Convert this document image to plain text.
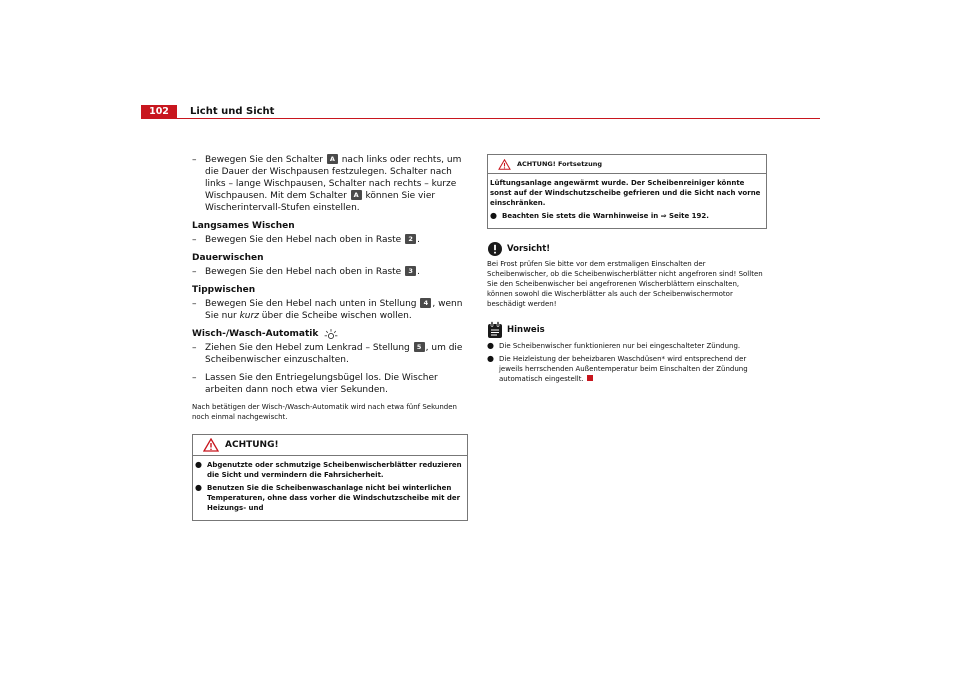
102	Licht und Sicht
– Bewegen Sie den Schalter A nach links oder rechts, um die Dauer der Wischpausen festzulegen. Schalter nach links – lange Wischpausen, Schalter nach rechts – kurze Wischpausen. Mit dem Schalter A können Sie vier Wischerintervall-Stufen einstellen.
Langsames Wischen
– Bewegen Sie den Hebel nach oben in Raste 2 .
Dauerwischen
– Bewegen Sie den Hebel nach oben in Raste 3 .
Tippwischen
– Bewegen Sie den Hebel nach unten in Stellung 4 , wenn Sie nur kurz über die Scheibe wischen wollen.
Wisch-/Wasch-Automatik
– Ziehen Sie den Hebel zum Lenkrad – Stellung 5 , um die Scheibenwischer einzuschalten.
– Lassen Sie den Entriegelungsbügel los. Die Wischer arbeiten dann noch etwa vier Sekunden.

Nach betätigen der Wisch-/Wasch-Automatik wird nach etwa fünf Sekunden noch einmal nachgewischt.

ACHTUNG!
● Abgenutzte oder schmutzige Scheibenwischerblätter reduzieren die Sicht und vermindern die Fahrsicherheit.
● Benutzen Sie die Scheibenwaschanlage nicht bei winterlichen Temperaturen, ohne dass vorher die Windschutzscheibe mit der Heizungs- und
ACHTUNG! Fortsetzung

Lüftungsanlage angewärmt wurde. Der Scheibenreiniger könnte sonst auf der Windschutzscheibe gefrieren und die Sicht nach vorne einschränken.

● Beachten Sie stets die Warnhinweise in ⇒ Seite 192.
Vorsicht!

Bei Frost prüfen Sie bitte vor dem erstmaligen Einschalten der Scheibenwischer, ob die Scheibenwischerblätter nicht angefroren sind! Sollten Sie den Scheibenwischer bei angefrorenen Wischerblättern einschalten, können sowohl die Wischerblätter als auch der Scheibenwischermotor beschädigt werden!

Hinweis
● Die Scheibenwischer funktionieren nur bei eingeschalteter Zündung.
● Die Heizleistung der beheizbaren Waschdüsen* wird entsprechend der jeweils herrschenden Außentemperatur beim Einschalten der Zündung automatisch eingestellt.
